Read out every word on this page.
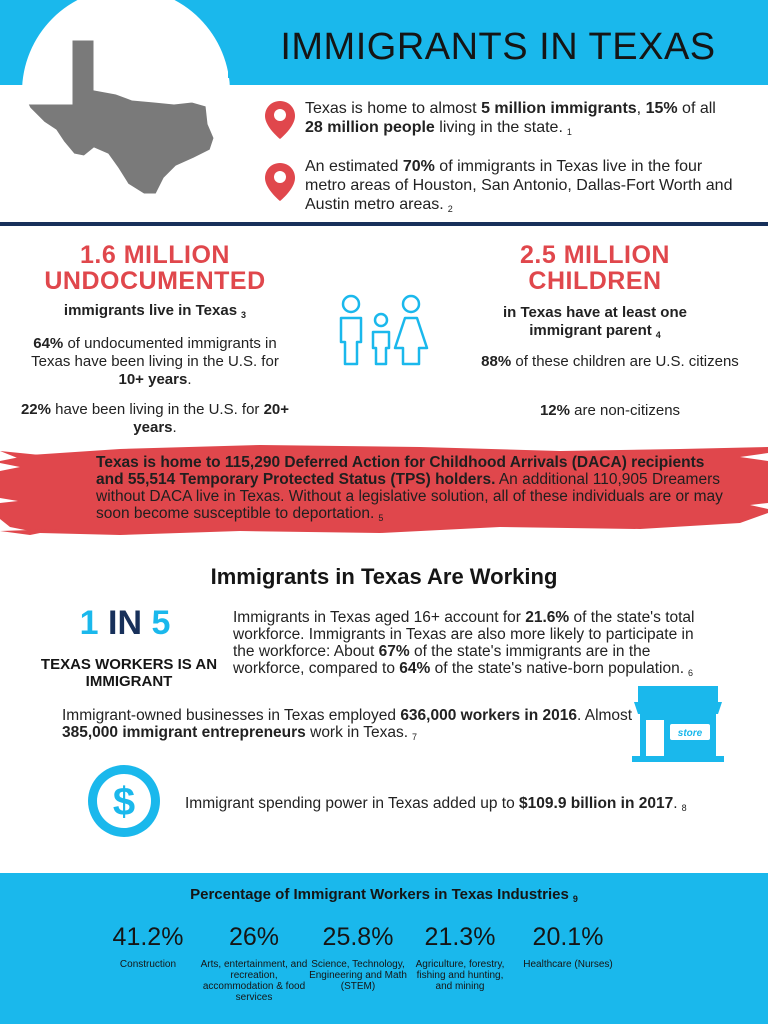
IMMIGRANTS IN TEXAS
Texas is home to almost 5 million immigrants, 15% of all 28 million people living in the state. $_1$
An estimated 70% of immigrants in Texas live in the four metro areas of Houston, San Antonio, Dallas-Fort Worth and Austin metro areas. $_2$
1.6 MILLION UNDOCUMENTED
immigrants live in Texas $_3$
64% of undocumented immigrants in Texas have been living in the U.S. for 10+ years.
22% have been living in the U.S. for 20+ years.
2.5 MILLION CHILDREN
in Texas have at least one immigrant parent $_4$
88% of these children are U.S. citizens
12% are non-citizens
Texas is home to 115,290 Deferred Action for Childhood Arrivals (DACA) recipients and 55,514 Temporary Protected Status (TPS) holders. An additional 110,905 Dreamers without DACA live in Texas. Without a legislative solution, all of these individuals are or may soon become susceptible to deportation. $_5$
Immigrants in Texas Are Working
1 IN 5
TEXAS WORKERS IS AN IMMIGRANT
Immigrants in Texas aged 16+ account for 21.6% of the state's total workforce. Immigrants in Texas are also more likely to participate in the workforce: About 67% of the state's immigrants are in the workforce, compared to 64% of the state's native-born population. $_6$
Immigrant-owned businesses in Texas employed 636,000 workers in 2016. Almost 385,000 immigrant entrepreneurs work in Texas. $_7$	store
$	Immigrant spending power in Texas added up to $109.9 billion in 2017. $_8$
Percentage of Immigrant Workers in Texas Industries $_9$
41.2%
Construction
26%
Arts, entertainment, and recreation, accommodation & food services
25.8%
Science, Technology, Engineering and Math (STEM)
21.3%
Agriculture, forestry, fishing and hunting, and mining
20.1%
Healthcare (Nurses)
